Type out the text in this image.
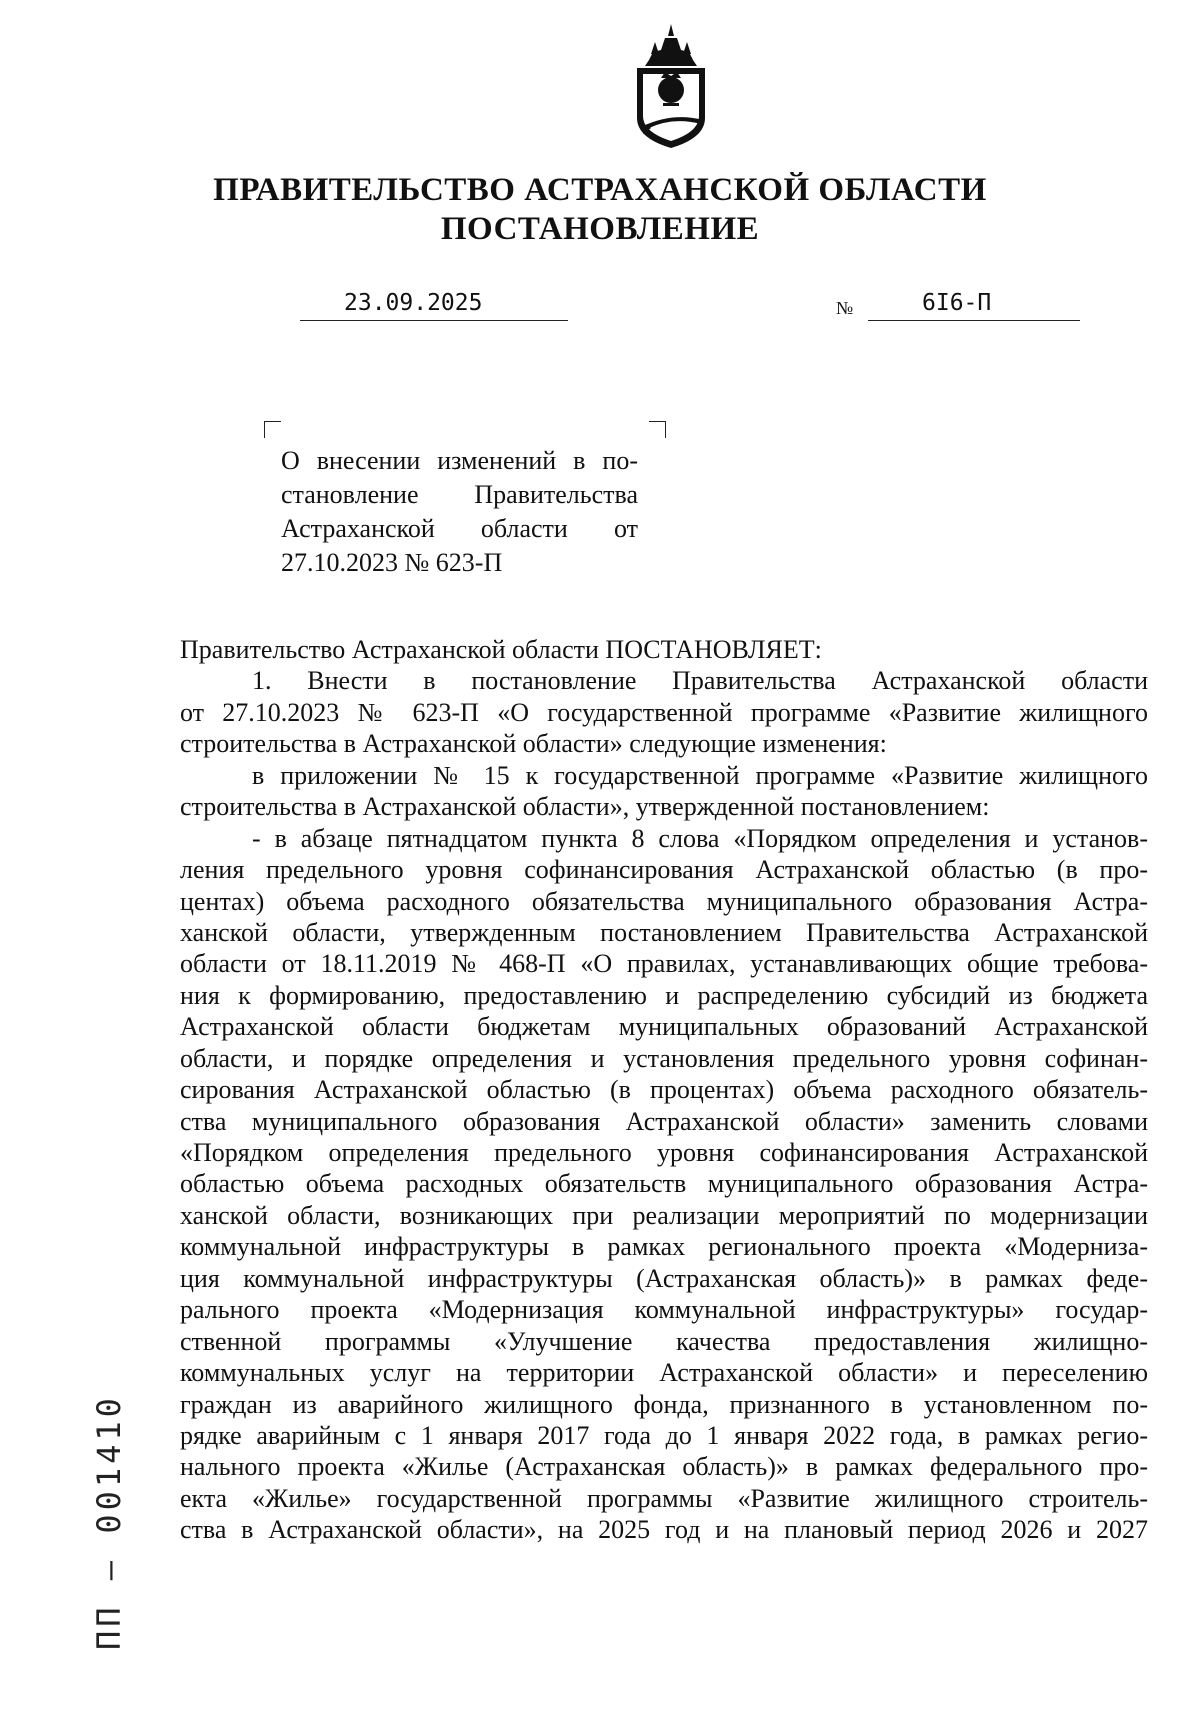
ПРАВИТЕЛЬСТВО АСТРАХАНСКОЙ ОБЛАСТИ
ПОСТАНОВЛЕНИЕ
23.09.2025	№	6I6-П
О внесении изменений в по-
становление Правительства
Астраханской области от
27.10.2023 № 623-П
Правительство Астраханской области ПОСТАНОВЛЯЕТ:
1. Внести в постановление Правительства Астраханской области
от 27.10.2023 № 623-П «О государственной программе «Развитие жилищного
строительства в Астраханской области» следующие изменения:
в приложении № 15 к государственной программе «Развитие жилищного
строительства в Астраханской области», утвержденной постановлением:
- в абзаце пятнадцатом пункта 8 слова «Порядком определения и установ-
ления предельного уровня софинансирования Астраханской областью (в про-
центах) объема расходного обязательства муниципального образования Астра-
ханской области, утвержденным постановлением Правительства Астраханской
области от 18.11.2019 № 468-П «О правилах, устанавливающих общие требова-
ния к формированию, предоставлению и распределению субсидий из бюджета
Астраханской области бюджетам муниципальных образований Астраханской
области, и порядке определения и установления предельного уровня софинан-
сирования Астраханской областью (в процентах) объема расходного обязатель-
ства муниципального образования Астраханской области» заменить словами
«Порядком определения предельного уровня софинансирования Астраханской
областью объема расходных обязательств муниципального образования Астра-
ханской области, возникающих при реализации мероприятий по модернизации
коммунальной инфраструктуры в рамках регионального проекта «Модерниза-
ция коммунальной инфраструктуры (Астраханская область)» в рамках феде-
рального проекта «Модернизация коммунальной инфраструктуры» государ-
ственной программы «Улучшение качества предоставления жилищно-
коммунальных услуг на территории Астраханской области» и переселению
граждан из аварийного жилищного фонда, признанного в установленном по-
рядке аварийным с 1 января 2017 года до 1 января 2022 года, в рамках регио-
нального проекта «Жилье (Астраханская область)» в рамках федерального про-
екта «Жилье» государственной программы «Развитие жилищного строитель-
ства в Астраханской области», на 2025 год и на плановый период 2026 и 2027
ПП – 001410
